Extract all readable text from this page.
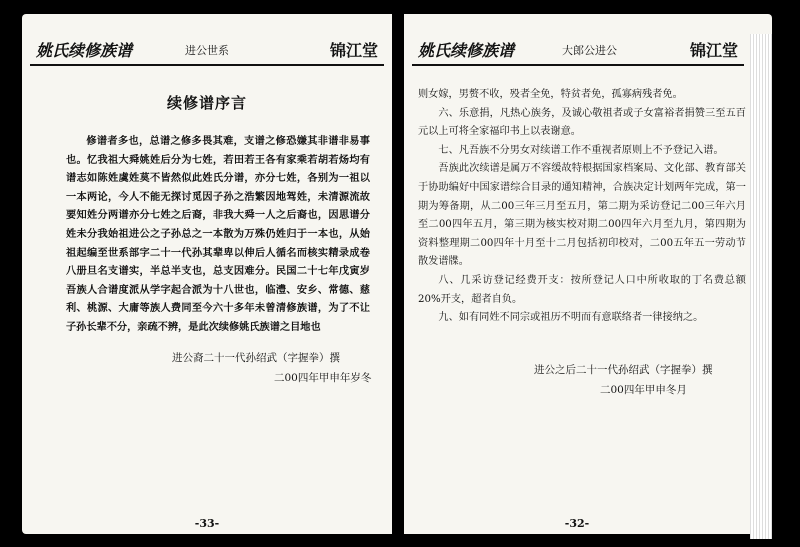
姚氏续修族谱	进公世系	锦江堂
续修谱序言

修谱者多也，总谱之修多畏其难，支谱之修恐嫌其非谱非易事也。忆我祖大舜姚姓后分为七姓，若田若王各有家乘若胡若炀均有谱志如陈姓虞姓莫不皆然似此姓氏分谱，亦分七姓，各别为一祖以一本两论，今人不能无探讨觅因子孙之浩繁因地驾姓，未清源流故要知姓分两谱亦分七姓之后裔，非我大舜一人之后裔也，因思谱分姓未分我始祖进公之子孙总之一本散为万殊仍姓归于一本也，从始祖起编至世系部字二十一代孙其辈卑以伸后人循名而核实精录成卷八册旦名支谱实，半总半支也，总支因难分。民国二十七年戊寅岁吾族人合谱度派从学字起合派为十八世也，临澧、安乡、常德、慈利、桃源、大庸等族人费同至今六十多年未曾清修族谱，为了不让子孙长辈不分，亲疏不辨，是此次续修姚氏族谱之目地也

进公裔二十一代孙绍武（字握拳）撰
二00四年甲申年岁冬
-33-
姚氏续修族谱	大郎公进公	锦江堂

则女嫁，男赘不收，殁者全免，特贫者免，孤寡病残者免。

六、乐意捐，凡热心族务，及诚心敬祖者或子女富裕者捐赞三至五百元以上可将全家福印书上以表谢意。

七、凡吾族不分男女对续谱工作不重视者原则上不予登记入谱。

吾族此次续谱是属万不容缓故特根据国家档案局、文化部、教育部关于协助编好中国家谱综合目录的通知精神，合族决定计划两年完成，第一期为筹备期，从二00三年三月至五月，第二期为采访登记二00三年六月至二00四年五月，第三期为核实校对期二00四年六月至九月，第四期为资料整理期二00四年十月至十二月包括初印校对，二00五年五一劳动节散发谱牒。

八、几采访登记经费开支：按所登记人口中所收取的丁名费总额20%开支，超者自负。

九、如有同姓不同宗或祖历不明而有意联络者一律接纳之。

进公之后二十一代孙绍武（字握拳）撰
二00四年甲申冬月
-32-
